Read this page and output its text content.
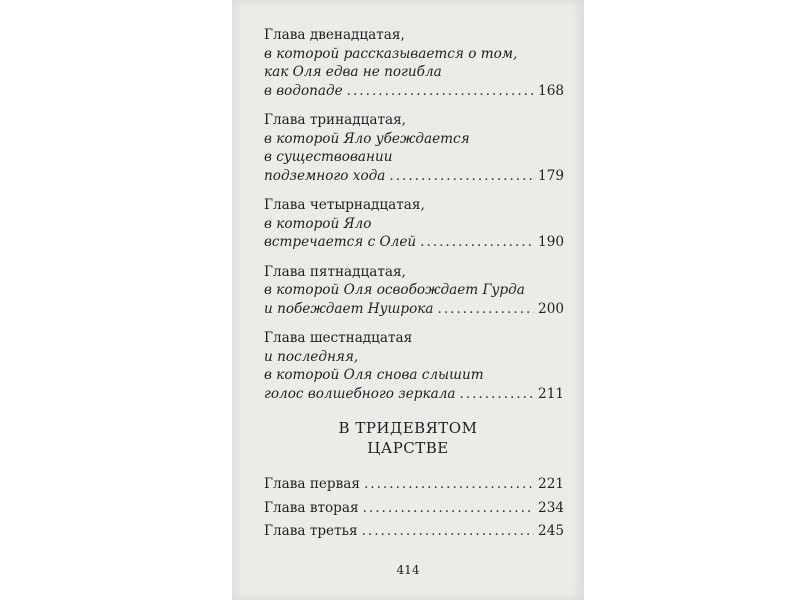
Глава двенадцатая,
в которой рассказывается о том,
как Оля едва не погибла
в водопаде .....	168
Глава тринадцатая,
в которой Яло убеждается
в существовании
подземного хода .....	179
Глава четырнадцатая,
в которой Яло
встречается с Олей .....	190
Глава пятнадцатая,
в которой Оля освобождает Гурда
и побеждает Нушрока .....	200
Глава шестнадцатая
и последняя,
в которой Оля снова слышит
голос волшебного зеркала .....	211
В ТРИДЕВЯТОМ
ЦАРСТВЕ
Глава первая .....	221
Глава вторая .....	234
Глава третья .....	245
414
